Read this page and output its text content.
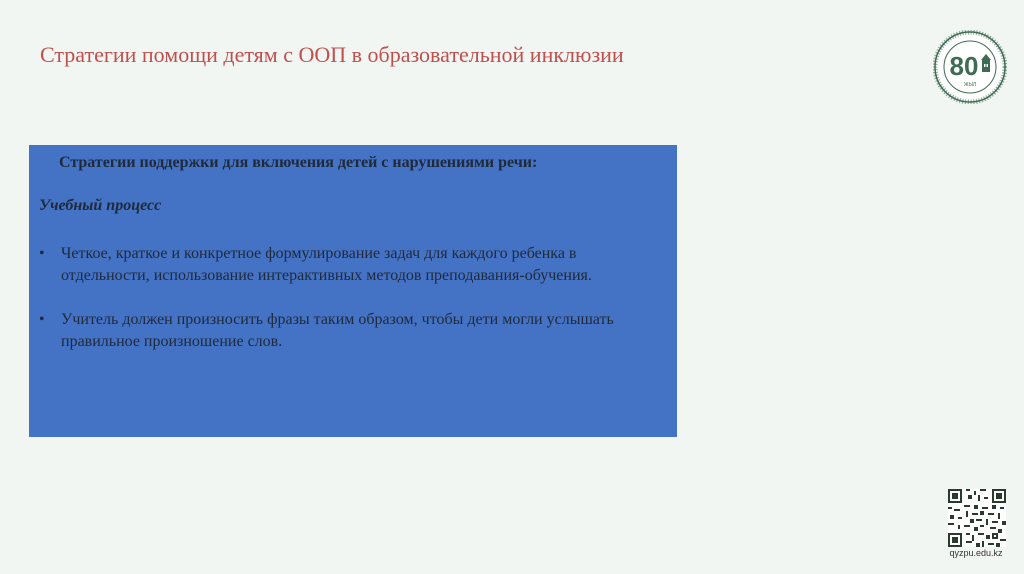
Стратегии помощи детям с ООП в образовательной инклюзии

Стратегии поддержки для включения детей с нарушениями речи:

Учебный процесс

• Четкое, краткое и конкретное формулирование задач для каждого ребенка в отдельности, использование интерактивных методов преподавания-обучения.
• Учитель должен произносить фразы таким образом, чтобы дети могли услышать правильное произношение слов.
80
ЖЫЛ
qyzpu.edu.kz
